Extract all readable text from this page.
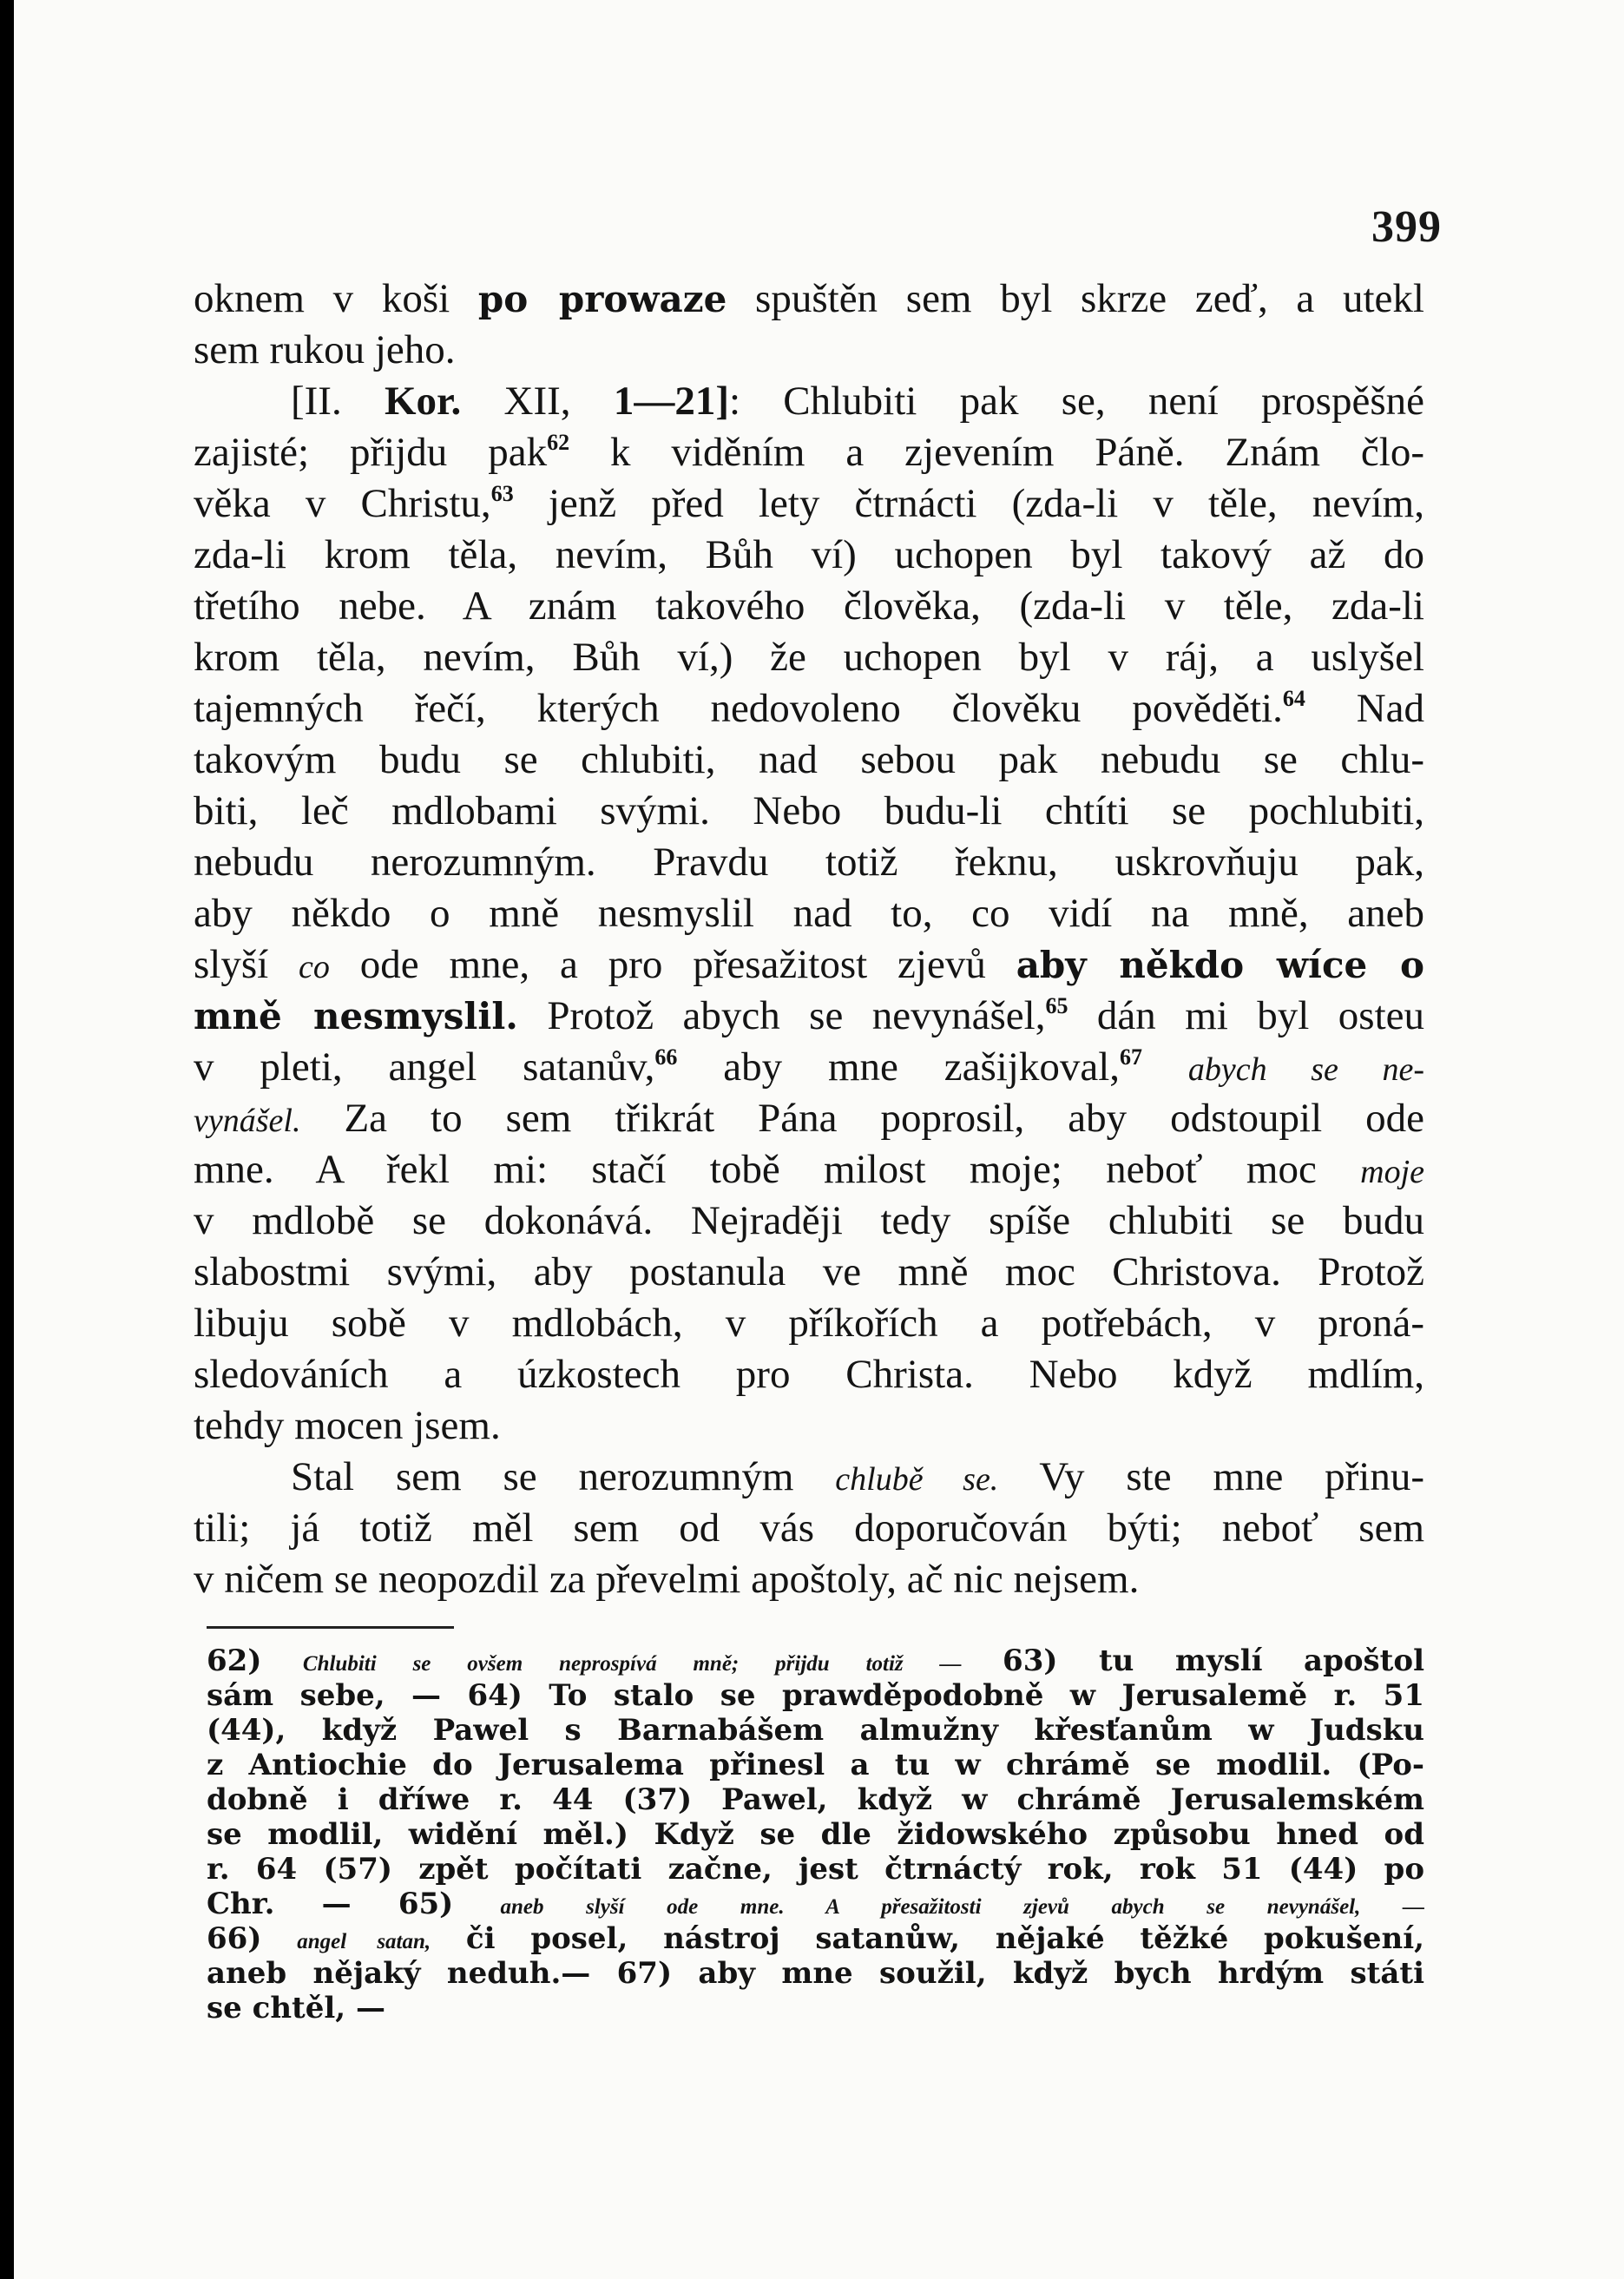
399
oknem v koši po prowaze spuštěn sem byl skrze zeď, a utekl
sem rukou jeho.
[II. Kor. XII, 1—21]: Chlubiti pak se, není prospěšné
zajisté; přijdu pak$^{62}$ k viděním a zjevením Páně. Znám člo-
věka v Christu,$^{63}$ jenž před lety čtrnácti (zda-li v těle, nevím,
zda-li krom těla, nevím, Bůh ví) uchopen byl takový až do
třetího nebe. A znám takového člověka, (zda-li v těle, zda-li
krom těla, nevím, Bůh ví,) že uchopen byl v ráj, a uslyšel
tajemných řečí, kterých nedovoleno člověku pověděti.$^{64}$ Nad
takovým budu se chlubiti, nad sebou pak nebudu se chlu-
biti, leč mdlobami svými. Nebo budu-li chtíti se pochlubiti,
nebudu nerozumným. Pravdu totiž řeknu, uskrovňuju pak,
aby někdo o mně nesmyslil nad to, co vidí na mně, aneb
slyší co ode mne, a pro přesažitost zjevů aby někdo wíce o
mně nesmyslil. Protož abych se nevynášel,$^{65}$ dán mi byl osteu
v pleti, angel satanův,$^{66}$ aby mne zašijkoval,$^{67}$ abych se ne-
vynášel. Za to sem třikrát Pána poprosil, aby odstoupil ode
mne. A řekl mi: stačí tobě milost moje; neboť moc moje
v mdlobě se dokonává. Nejraději tedy spíše chlubiti se budu
slabostmi svými, aby postanula ve mně moc Christova. Protož
libuju sobě v mdlobách, v příkořích a potřebách, v proná-
sledováních a úzkostech pro Christa. Nebo když mdlím,
tehdy mocen jsem.
Stal sem se nerozumným chlubě se. Vy ste mne přinu-
tili; já totiž měl sem od vás doporučován býti; neboť sem
v ničem se neopozdil za převelmi apoštoly, ač nic nejsem.
62) Chlubiti se ovšem neprospívá mně; přijdu totiž — 63) tu myslí apoštol
sám sebe, — 64) To stalo se prawděpodobně w Jerusalemě r. 51
(44), když Pawel s Barnabášem almužny křesťanům w Judsku
z Antiochie do Jerusalema přinesl a tu w chrámě se modlil. (Po-
dobně i dříwe r. 44 (37) Pawel, když w chrámě Jerusalemském
se modlil, widění měl.) Když se dle židowského způsobu hned od
r. 64 (57) zpět počítati začne, jest čtrnáctý rok, rok 51 (44) po
Chr. — 65) aneb slyší ode mne. A přesažitosti zjevů abych se nevynášel, —
66) angel satan, či posel, nástroj satanůw, nějaké těžké pokušení,
aneb nějaký neduh.— 67) aby mne soužil, když bych hrdým státi
se chtěl, —
